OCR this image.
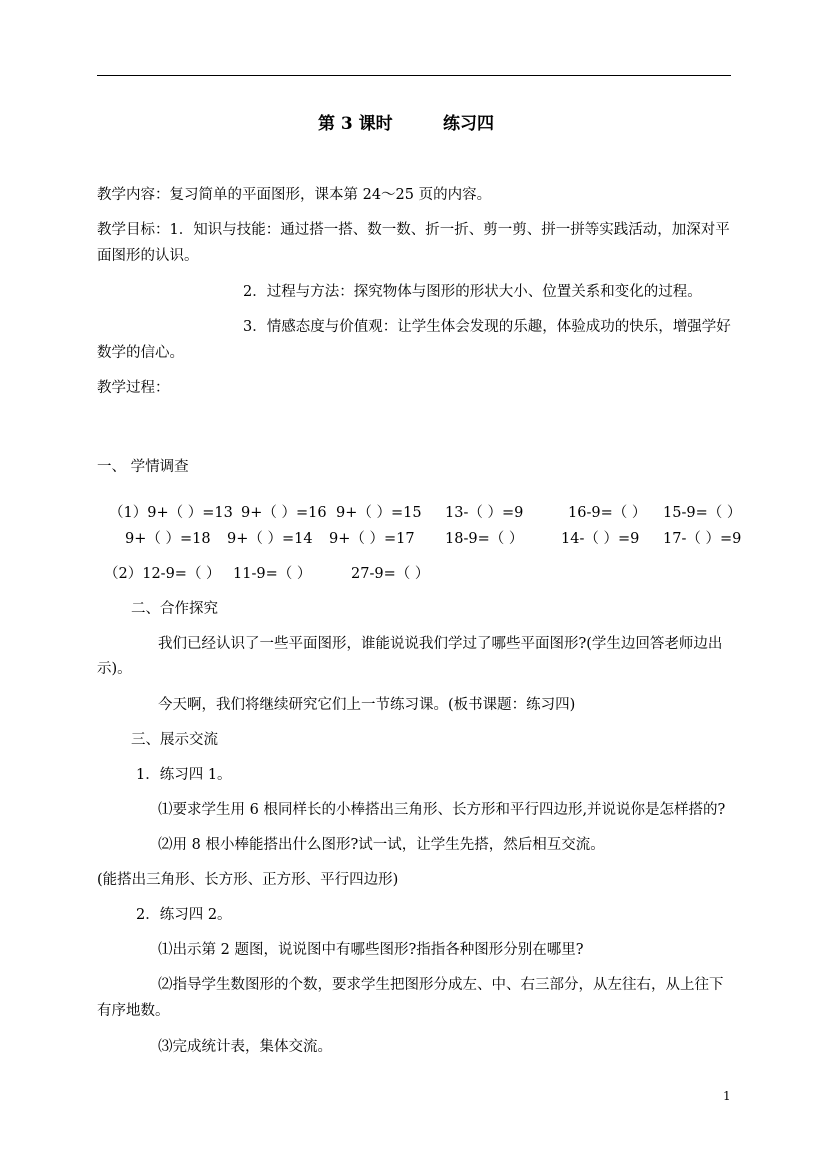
第 3 课时	练习四
教学内容：复习简单的平面图形，课本第 24～25 页的内容。
教学目标：1．知识与技能：通过搭一搭、数一数、折一折、剪一剪、拼一拼等实践活动，加深对平
面图形的认识。
2．过程与方法：探究物体与图形的形状大小、位置关系和变化的过程。
3．情感态度与价值观：让学生体会发现的乐趣，体验成功的快乐，增强学好
数学的信心。
教学过程：
一、 学情调查
（1）9+（ ）=13 9+（ ）=16 9+（ ）=15 13-（ ）=9	16-9=（ ） 15-9=（ ）
9+（ ）=18 9+（ ）=14 9+（ ）=17 18-9=（ ）	14-（ ）=9 17-（ ）=9
（2）12-9=（ ） 11-9=（ ）	27-9=（ ）
二、合作探究
我们已经认识了一些平面图形，谁能说说我们学过了哪些平面图形?(学生边回答老师边出
示)。
今天啊，我们将继续研究它们上一节练习课。(板书课题：练习四)
三、展示交流
1．练习四 1。
⑴要求学生用 6 根同样长的小棒搭出三角形、长方形和平行四边形,并说说你是怎样搭的?
⑵用 8 根小棒能搭出什么图形?试一试，让学生先搭，然后相互交流。
(能搭出三角形、长方形、正方形、平行四边形)
2．练习四 2。
⑴出示第 2 题图，说说图中有哪些图形?指指各种图形分别在哪里?
⑵指导学生数图形的个数，要求学生把图形分成左、中、右三部分，从左往右，从上往下
有序地数。
⑶完成统计表，集体交流。
1
